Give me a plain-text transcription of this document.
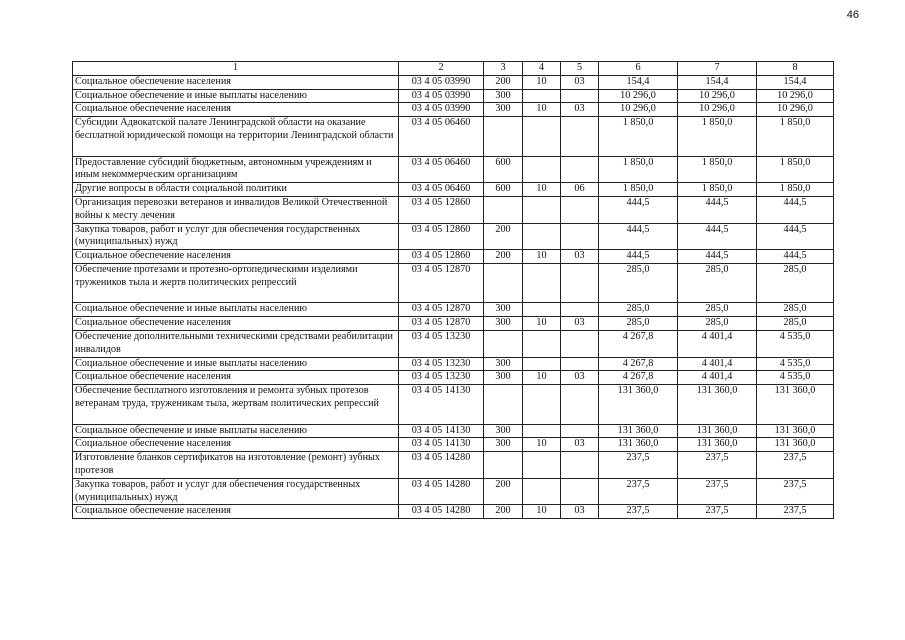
46
1	2	3	4	5	6	7	8
Социальное обеспечение населения	03 4 05 03990	200	10	03	154,4	154,4	154,4
Социальное обеспечение и иные выплаты населению	03 4 05 03990	300			10 296,0	10 296,0	10 296,0
Социальное обеспечение населения	03 4 05 03990	300	10	03	10 296,0	10 296,0	10 296,0
Субсидии Адвокатской палате Ленинградской области на оказание бесплатной юридической помощи на территории Ленинградской области	03 4 05 06460				1 850,0	1 850,0	1 850,0
Предоставление субсидий бюджетным, автономным учреждениям и иным некоммерческим организациям	03 4 05 06460	600			1 850,0	1 850,0	1 850,0
Другие вопросы в области социальной политики	03 4 05 06460	600	10	06	1 850,0	1 850,0	1 850,0
Организация перевозки ветеранов и инвалидов Великой Отечественной войны к месту лечения	03 4 05 12860				444,5	444,5	444,5
Закупка товаров, работ и услуг для обеспечения государственных (муниципальных) нужд	03 4 05 12860	200			444,5	444,5	444,5
Социальное обеспечение населения	03 4 05 12860	200	10	03	444,5	444,5	444,5
Обеспечение протезами и протезно-ортопедическими изделиями тружеников тыла и жертв политических репрессий	03 4 05 12870				285,0	285,0	285,0
Социальное обеспечение и иные выплаты населению	03 4 05 12870	300			285,0	285,0	285,0
Социальное обеспечение населения	03 4 05 12870	300	10	03	285,0	285,0	285,0
Обеспечение дополнительными техническими средствами реабилитации инвалидов	03 4 05 13230				4 267,8	4 401,4	4 535,0
Социальное обеспечение и иные выплаты населению	03 4 05 13230	300			4 267,8	4 401,4	4 535,0
Социальное обеспечение населения	03 4 05 13230	300	10	03	4 267,8	4 401,4	4 535,0
Обеспечение бесплатного изготовления и ремонта зубных протезов ветеранам труда, труженикам тыла, жертвам политических репрессий	03 4 05 14130				131 360,0	131 360,0	131 360,0
Социальное обеспечение и иные выплаты населению	03 4 05 14130	300			131 360,0	131 360,0	131 360,0
Социальное обеспечение населения	03 4 05 14130	300	10	03	131 360,0	131 360,0	131 360,0
Изготовление бланков сертификатов на изготовление (ремонт) зубных протезов	03 4 05 14280				237,5	237,5	237,5
Закупка товаров, работ и услуг для обеспечения государственных (муниципальных) нужд	03 4 05 14280	200			237,5	237,5	237,5
Социальное обеспечение населения	03 4 05 14280	200	10	03	237,5	237,5	237,5
